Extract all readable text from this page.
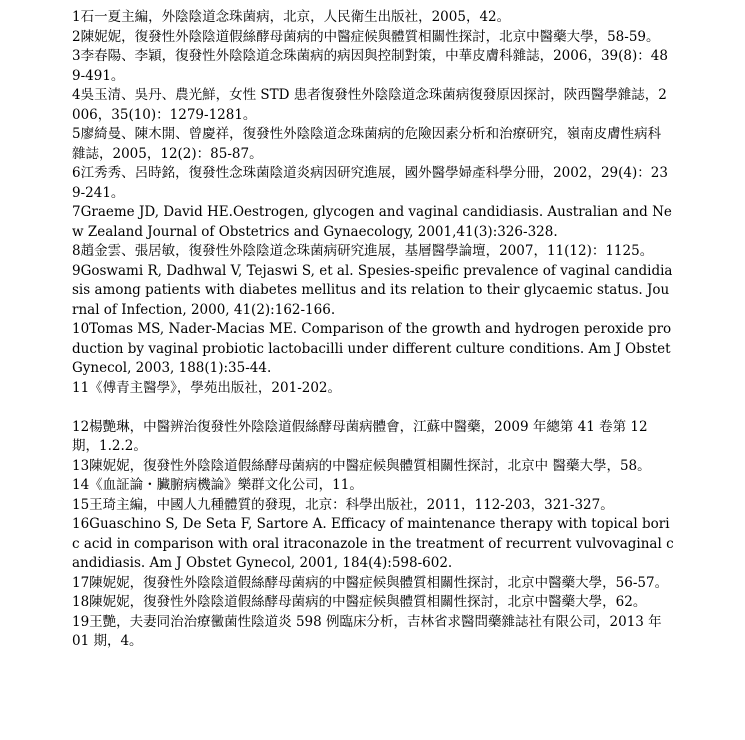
1石一夏主編，外陰陰道念珠菌病，北京，人民衛生出版社，2005，42。

2陳妮妮，復發性外陰陰道假絲酵母菌病的中醫症候與體質相關性探討，北京中醫藥大學，58-59。

3李春陽、李穎，復發性外陰陰道念珠菌病的病因與控制對策，中華皮膚科雜誌，2006，39(8)：489-491。

4吳玉清、吳丹、農光鮮，女性 STD 患者復發性外陰陰道念珠菌病復發原因探討，陝西醫學雜誌，2006，35(10)：1279-1281。

5廖綺曼、陳木開、曾慶祥，復發性外陰陰道念珠菌病的危險因素分析和治療研究，嶺南皮膚性病科雜誌，2005，12(2)：85-87。

6江秀秀、呂時銘，復發性念珠菌陰道炎病因研究進展，國外醫學婦產科學分冊，2002，29(4)：239-241。

7Graeme JD, David HE.Oestrogen, glycogen and vaginal candidiasis. Australian and New Zealand Journal of Obstetrics and Gynaecology, 2001,41(3):326-328.

8趙金雲、張居敏，復發性外陰陰道念珠菌病研究進展，基層醫學論壇，2007，11(12)：1125。

9Goswami R, Dadhwal V, Tejaswi S, et al. Spesies-speific prevalence of vaginal candidiasis among patients with diabetes mellitus and its relation to their glycaemic status. Journal of Infection, 2000, 41(2):162-166.

10Tomas MS, Nader-Macias ME. Comparison of the growth and hydrogen peroxide production by vaginal probiotic lactobacilli under different culture conditions. Am J Obstet Gynecol, 2003, 188(1):35-44.

11《傅青主醫學》，學苑出版社，201-202。

12楊艷琳，中醫辨治復發性外陰陰道假絲酵母菌病體會，江蘇中醫藥，2009 年總第 41 卷第 12 期，1.2.2。

13陳妮妮，復發性外陰陰道假絲酵母菌病的中醫症候與體質相關性探討，北京中 醫藥大學，58。

14《血証論・臟腑病機論》樂群文化公司，11。

15王琦主編，中國人九種體質的發現，北京：科學出版社，2011，112-203，321-327。

16Guaschino S, De Seta F, Sartore A. Efficacy of maintenance therapy with topical boric acid in comparison with oral itraconazole in the treatment of recurrent vulvovaginal candidiasis. Am J Obstet Gynecol, 2001, 184(4):598-602.

17陳妮妮，復發性外陰陰道假絲酵母菌病的中醫症候與體質相關性探討，北京中醫藥大學，56-57。

18陳妮妮，復發性外陰陰道假絲酵母菌病的中醫症候與體質相關性探討，北京中醫藥大學，62。

19王艷，夫妻同治治療黴菌性陰道炎 598 例臨床分析，吉林省求醫問藥雜誌社有限公司，2013 年 01 期，4。
